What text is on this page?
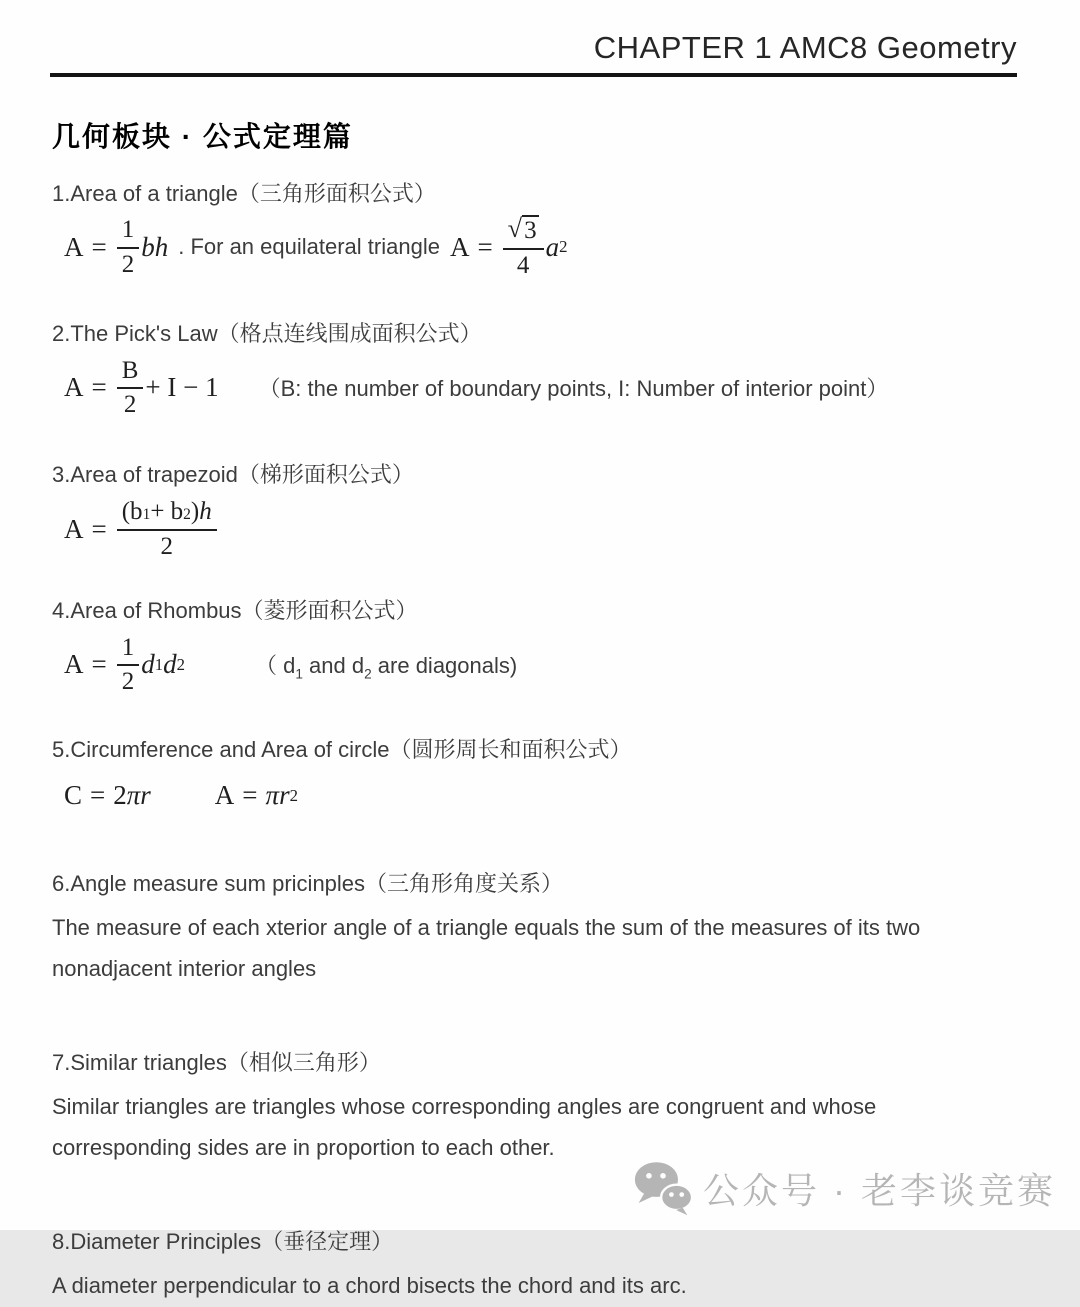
CHAPTER 1 AMC8 Geometry
几何板块 · 公式定理篇
1.Area of a triangle（三角形面积公式）
$A = \frac{1}{2}$ bh . For an equilateral triangle $A = \frac{√ 3}{4}$ a 2
2.The Pick's Law（格点连线围成面积公式）
$A = \frac{B}{2} + I - 1$ （B: the number of boundary points, I: Number of interior point）
3.Area of trapezoid（梯形面积公式）
$A = \frac{(b 1 + b 2 ) h}{2}$
4.Area of Rhombus（菱形面积公式）
$A = \frac{1}{2}$ d 1 d 2	（ $d_1$ and $d_2$ are diagonals)
5.Circumference and Area of circle（圆形周长和面积公式）
C = 2 π r A = π r 2
6.Angle measure sum pricinples（三角形角度关系）
The measure of each xterior angle of a triangle equals the sum of the measures of its two nonadjacent interior angles
7.Similar triangles（相似三角形）
Similar triangles are triangles whose corresponding angles are congruent and whose corresponding sides are in proportion to each other.
8.Diameter Principles（垂径定理）
A diameter perpendicular to a chord bisects the chord and its arc.
公众号 · 老李谈竞赛
